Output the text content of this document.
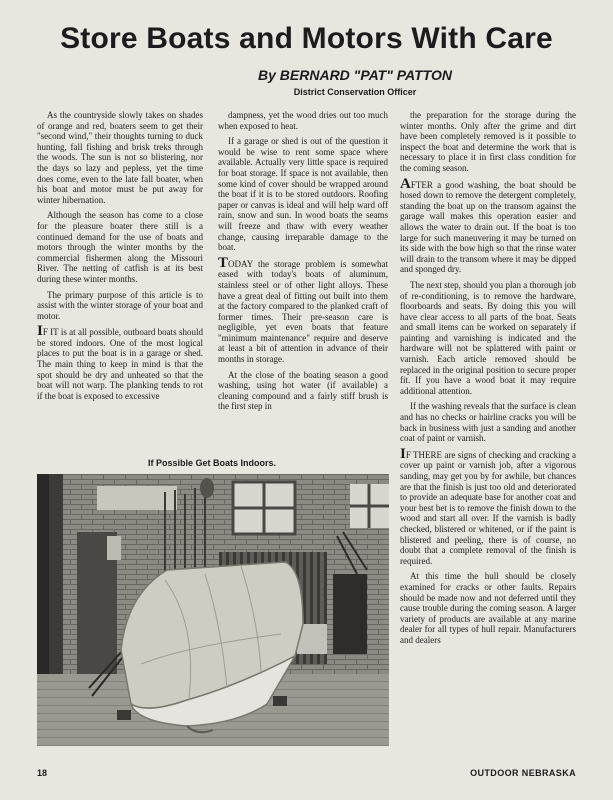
Store Boats and Motors With Care
By BERNARD "PAT" PATTON
District Conservation Officer

As the countryside slowly takes on shades of orange and red, boaters seem to get their "second wind," their thoughts turning to duck hunting, fall fishing and brisk treks through the woods. The sun is not so blistering, nor the days so lazy and pepless, yet the time does come, even to the late fall boater, when his boat and motor must be put away for winter hibernation.

Although the season has come to a close for the pleasure boater there still is a continued demand for the use of boats and motors through the winter months by the commercial fishermen along the Missouri River. The netting of catfish is at its best during these winter months.

The primary purpose of this article is to assist with the winter storage of your boat and motor.

IF IT is at all possible, outboard boats should be stored indoors. One of the most logical places to put the boat is in a garage or shed. The main thing to keep in mind is that the spot should be dry and unheated so that the boat will not warp. The planking tends to rot if the boat is exposed to excessive

dampness, yet the wood dries out too much when exposed to heat.

If a garage or shed is out of the question it would be wise to rent some space where available. Actually very little space is required for boat storage. If space is not available, then some kind of cover should be wrapped around the boat if it is to be stored outdoors. Roofing paper or canvas is ideal and will help ward off rain, snow and sun. In wood boats the seams will freeze and thaw with every weather change, causing irreparable damage to the boat.

TODAY the storage problem is somewhat eased with today's boats of aluminum, stainless steel or of other light alloys. These have a great deal of fitting out built into them at the factory compared to the planked craft of former times. Their pre-season care is negligible, yet even boats that feature "minimum maintenance" require and deserve at least a bit of attention in advance of their months in storage.

At the close of the boating season a good washing, using hot water (if available) a cleaning compound and a fairly stiff brush is the first step in

the preparation for the storage during the winter months. Only after the grime and dirt have been completely removed is it possible to inspect the boat and determine the work that is necessary to place it in first class condition for the coming season.

AFTER a good washing, the boat should be hosed down to remove the detergent completely, standing the boat up on the transom against the garage wall makes this operation easier and allows the water to drain out. If the boat is too large for such maneuvering it may be turned on its side with the bow high so that the rinse water will drain to the transom where it may be dipped and sponged dry.

The next step, should you plan a thorough job of re-conditioning, is to remove the hardware, floorboards and seats. By doing this you will have clear access to all parts of the boat. Seats and small items can be worked on separately if painting and varnishing is indicated and the hardware will not be splattered with paint or varnish. Each article removed should be replaced in the original position to secure proper fit. If you have a wood boat it may require additional attention.

If the washing reveals that the surface is clean and has no checks or hairline cracks you will be back in business with just a sanding and another coat of paint or varnish.

IF THERE are signs of checking and cracking a cover up paint or varnish job, after a vigorous sanding, may get you by for awhile, but chances are that the finish is just too old and deteriorated to provide an adequate base for another coat and your best bet is to remove the finish down to the wood and start all over. If the varnish is badly checked, blistered or whitened, or if the paint is blistered and peeling, there is of course, no doubt that a complete removal of the finish is required.

At this time the hull should be closely examined for cracks or other faults. Repairs should be made now and not deferred until they cause trouble during the coming season. A larger variety of products are available at any marine dealer for all types of hull repair. Manufacturers and dealers

If Possible Get Boats Indoors.
18	OUTDOOR NEBRASKA
